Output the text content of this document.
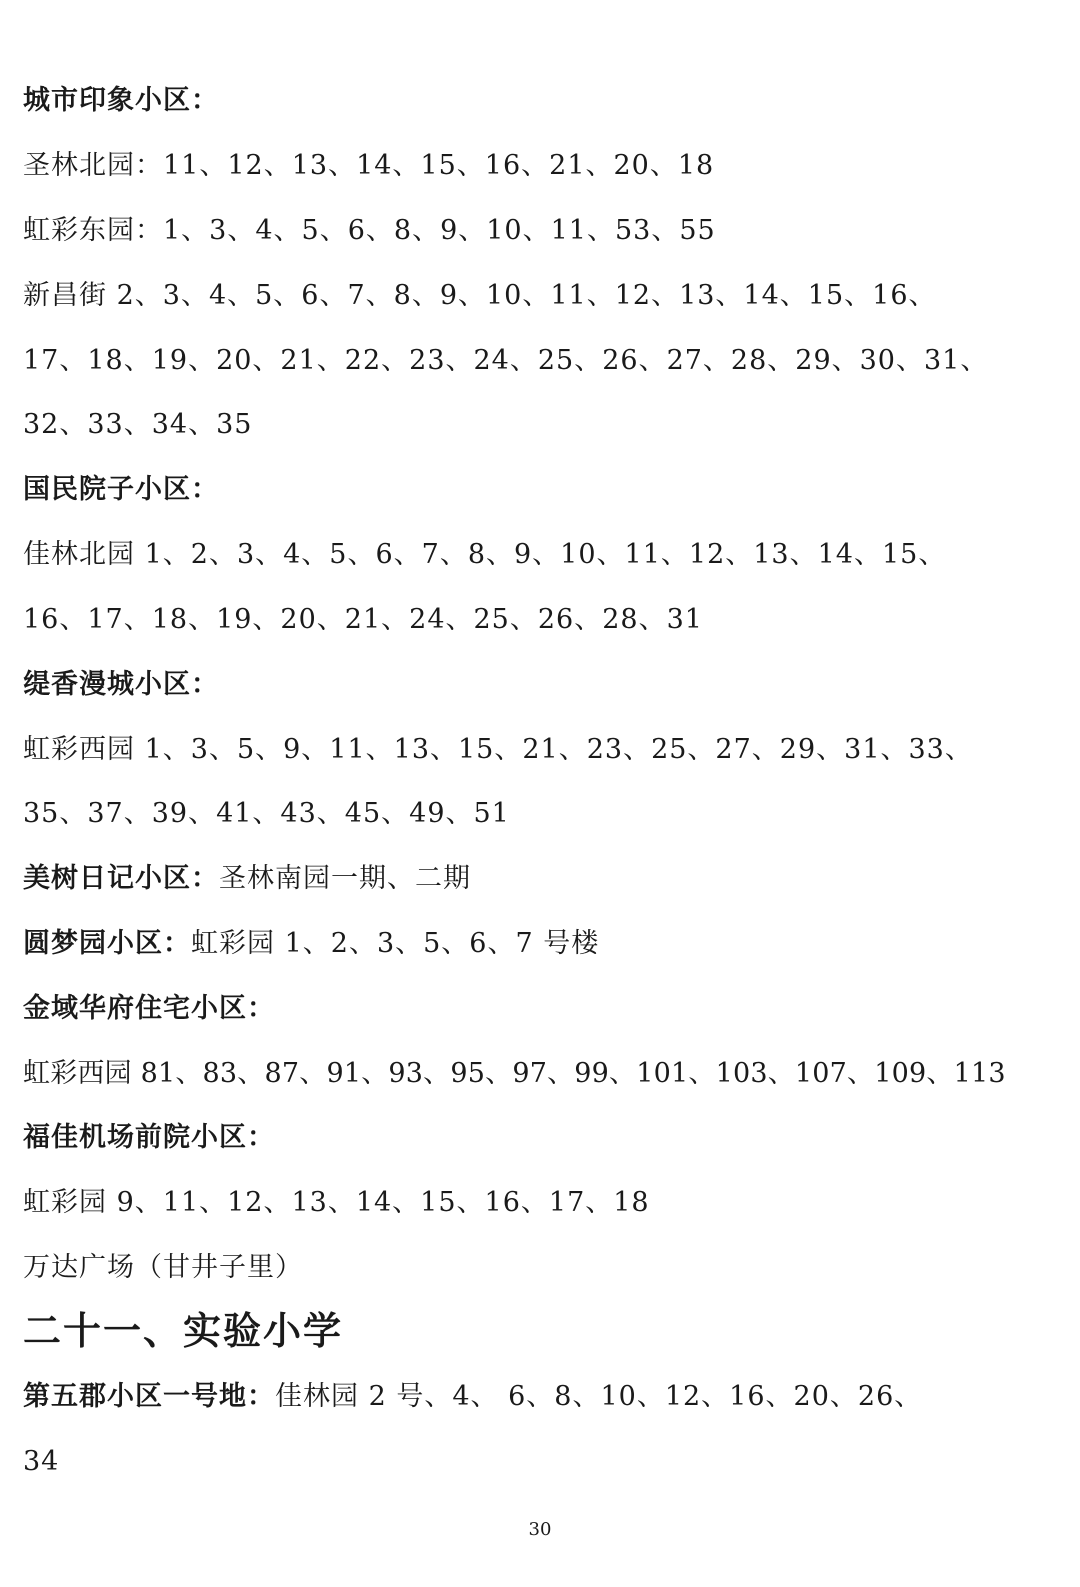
城市印象小区：
圣林北园：11、12、13、14、15、16、21、20、18
虹彩东园：1、3、4、5、6、8、9、10、11、53、55
新昌街 2、3、4、5、6、7、8、9、10、11、12、13、14、15、16、
17、18、19、20、21、22、23、24、25、26、27、28、29、30、31、
32、33、34、35
国民院子小区：
佳林北园 1、2、3、4、5、6、7、8、9、10、11、12、13、14、15、
16、17、18、19、20、21、24、25、26、28、31
缇香漫城小区：
虹彩西园 1、3、5、9、11、13、15、21、23、25、27、29、31、33、
35、37、39、41、43、45、49、51
美树日记小区：圣林南园一期、二期
圆梦园小区：虹彩园 1、2、3、5、6、7 号楼
金域华府住宅小区：
虹彩西园 81、83、87、91、93、95、97、99、101、103、107、109、113
福佳机场前院小区：
虹彩园 9、11、12、13、14、15、16、17、18
万达广场（甘井子里）
二十一、实验小学
第五郡小区一号地：佳林园 2 号、4、 6、8、10、12、16、20、26、
34
30
